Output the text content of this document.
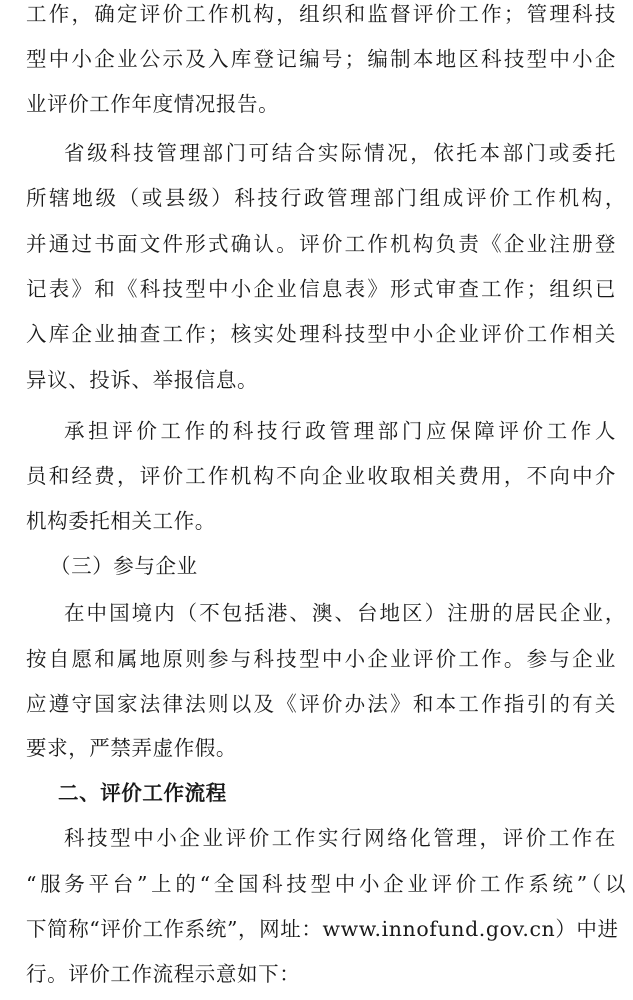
工作，确定评价工作机构，组织和监督评价工作；管理科技
型中小企业公示及入库登记编号；编制本地区科技型中小企
业评价工作年度情况报告。
省级科技管理部门可结合实际情况，依托本部门或委托
所辖地级（或县级）科技行政管理部门组成评价工作机构，
并通过书面文件形式确认。评价工作机构负责《企业注册登
记表》和《科技型中小企业信息表》形式审查工作；组织已
入库企业抽查工作；核实处理科技型中小企业评价工作相关
异议、投诉、举报信息。
承担评价工作的科技行政管理部门应保障评价工作人
员和经费，评价工作机构不向企业收取相关费用，不向中介
机构委托相关工作。
（三）参与企业
在中国境内（不包括港、澳、台地区）注册的居民企业，
按自愿和属地原则参与科技型中小企业评价工作。参与企业
应遵守国家法律法则以及《评价办法》和本工作指引的有关
要求，严禁弄虚作假。
二、评价工作流程
科技型中小企业评价工作实行网络化管理，评价工作在
“服务平台”上的“全国科技型中小企业评价工作系统”（以
下简称“评价工作系统”，网址：www.innofund.gov.cn）中进
行。评价工作流程示意如下：
